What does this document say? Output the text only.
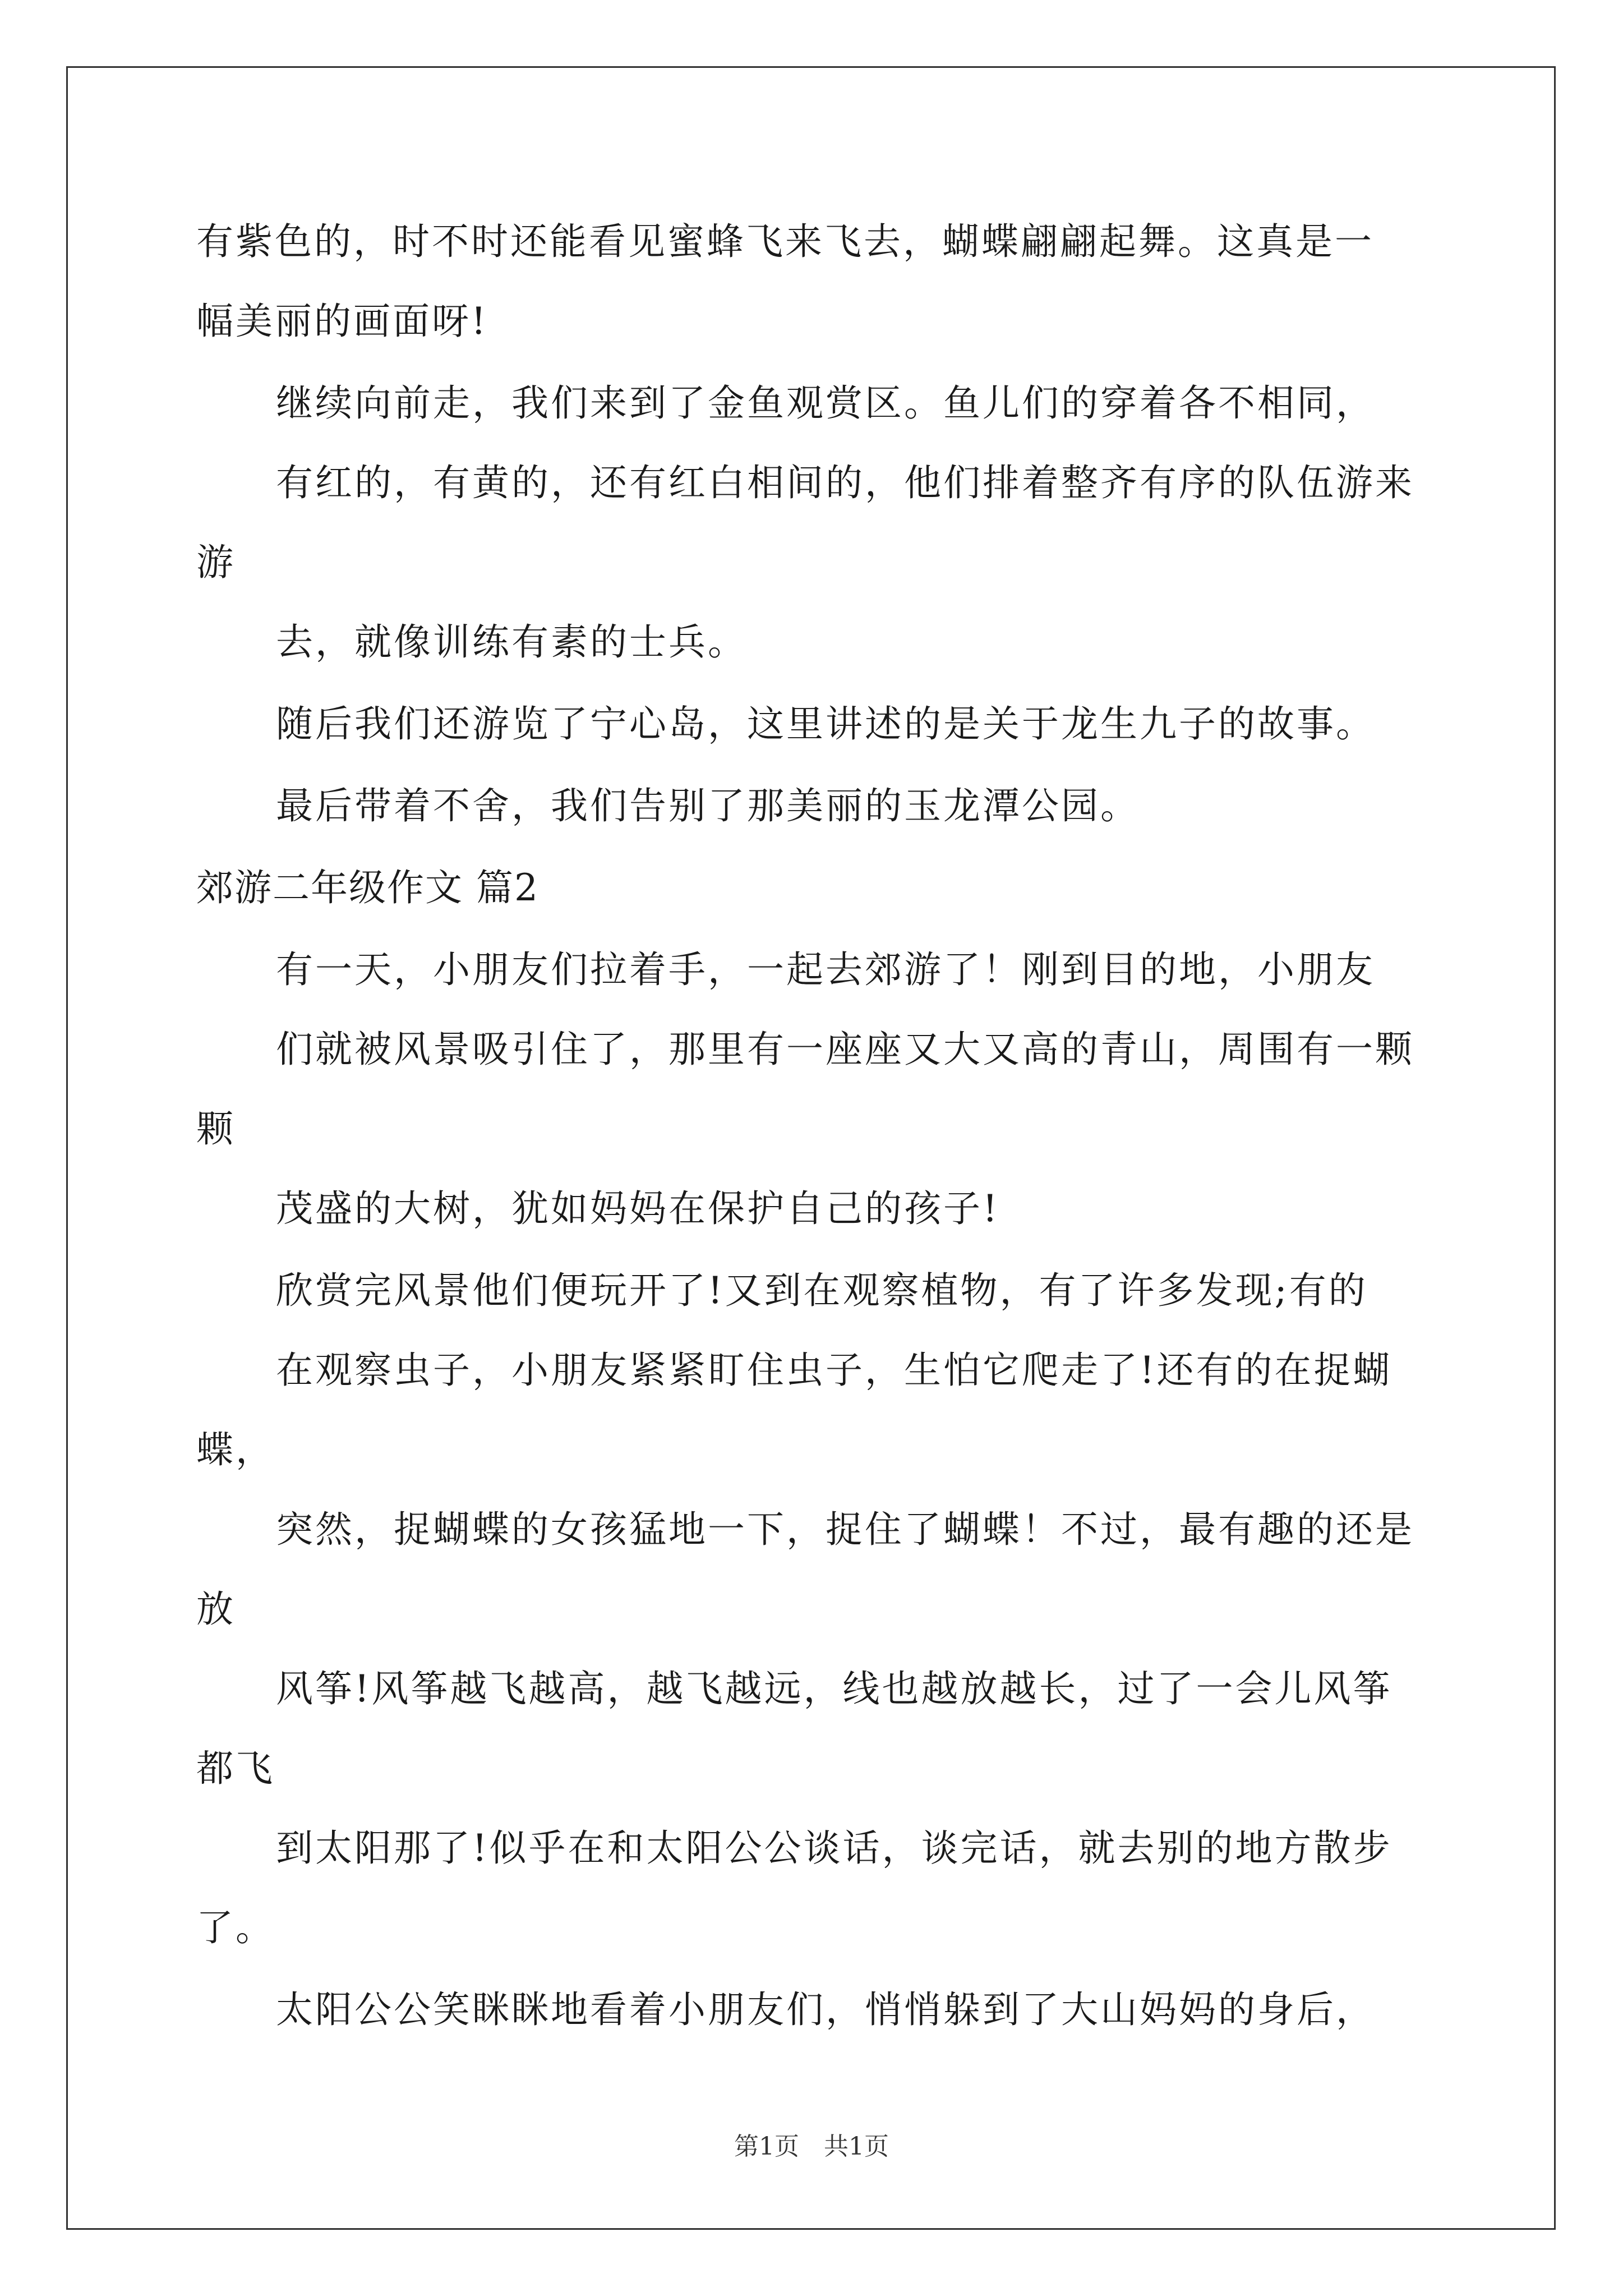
有紫色的，时不时还能看见蜜蜂飞来飞去，蝴蝶翩翩起舞。这真是一
幅美丽的画面呀!
继续向前走，我们来到了金鱼观赏区。鱼儿们的穿着各不相同，
有红的，有黄的，还有红白相间的，他们排着整齐有序的队伍游来游
去，就像训练有素的士兵。
随后我们还游览了宁心岛，这里讲述的是关于龙生九子的故事。
最后带着不舍，我们告别了那美丽的玉龙潭公园。
郊游二年级作文 篇2
有一天，小朋友们拉着手，一起去郊游了！刚到目的地，小朋友
们就被风景吸引住了，那里有一座座又大又高的青山，周围有一颗颗
茂盛的大树，犹如妈妈在保护自己的孩子!
欣赏完风景他们便玩开了!又到在观察植物，有了许多发现;有的
在观察虫子，小朋友紧紧盯住虫子，生怕它爬走了!还有的在捉蝴蝶，
突然，捉蝴蝶的女孩猛地一下，捉住了蝴蝶！不过，最有趣的还是放
风筝!风筝越飞越高，越飞越远，线也越放越长，过了一会儿风筝都飞
到太阳那了!似乎在和太阳公公谈话，谈完话，就去别的地方散步了。
太阳公公笑眯眯地看着小朋友们，悄悄躲到了大山妈妈的身后，
第1页　共1页
